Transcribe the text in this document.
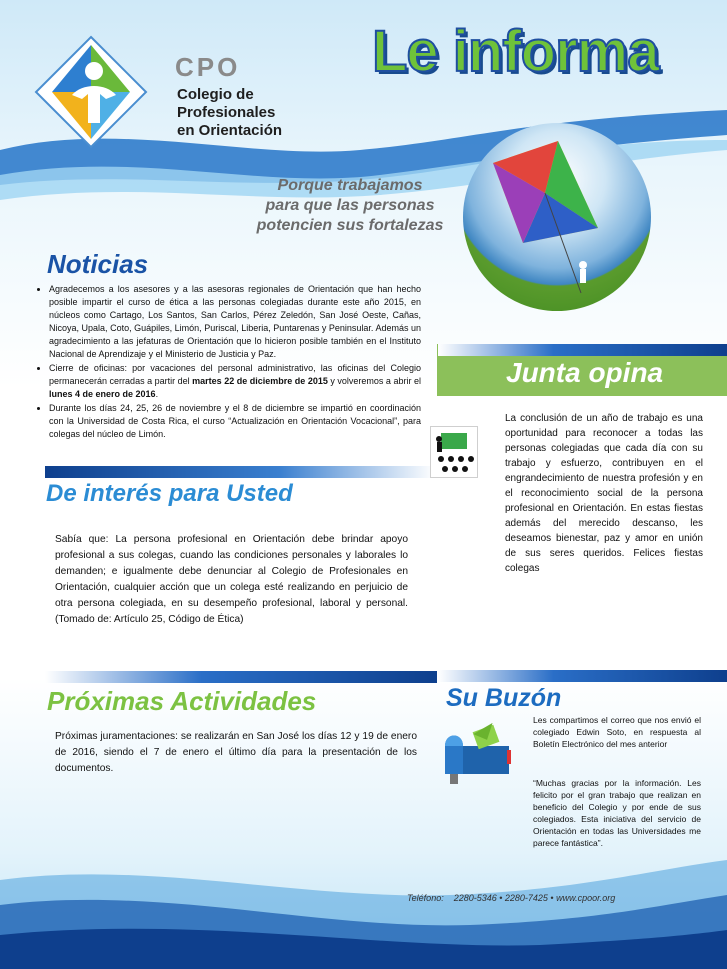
CPO
Colegio de
Profesionales
en Orientación
Le informa
Porque trabajamos
para que las personas
potencien sus fortalezas
Noticias
• Agradecemos a los asesores y a las asesoras regionales de Orientación que han hecho posible impartir el curso de ética a las personas colegiadas durante este año 2015, en núcleos como Cartago, Los Santos, San Carlos, Pérez Zeledón, San José Oeste, Cañas, Nicoya, Upala, Coto, Guápiles, Limón, Puriscal, Liberia, Puntarenas y Peninsular. Además un agradecimiento a las jefaturas de Orientación que lo hicieron posible también en el Instituto Nacional de Aprendizaje y el Ministerio de Justicia y Paz.
• Cierre de oficinas: por vacaciones del personal administrativo, las oficinas del Colegio permanecerán cerradas a partir del martes 22 de diciembre de 2015 y volveremos a abrir el lunes 4 de enero de 2016.
• Durante los días 24, 25, 26 de noviembre y el 8 de diciembre se impartió en coordinación con la Universidad de Costa Rica, el curso “Actualización en Orientación Vocacional”, para colegas del núcleo de Limón.
De interés para Usted
Sabía que: La persona profesional en Orientación debe brindar apoyo profesional a sus colegas, cuando las condiciones personales y laborales lo demanden; e igualmente debe denunciar al Colegio de Profesionales en Orientación, cualquier acción que un colega esté realizando en perjuicio de otra persona colegiada, en su desempeño profesional, laboral y personal. (Tomado de: Artículo 25, Código de Ética)
Próximas Actividades
Próximas juramentaciones: se realizarán en San José los días 12 y 19 de enero de 2016, siendo el 7 de enero el último día para la presentación de los documentos.
Junta opina
La conclusión de un año de trabajo es una oportunidad para reconocer a todas las personas colegiadas que cada día con su trabajo y esfuerzo, contribuyen en el engrandecimiento de nuestra profesión y en el reconocimiento social de la persona profesional en Orientación. En estas fiestas además del merecido descanso, les deseamos bienestar, paz y amor en unión de sus seres queridos. Felices fiestas colegas
Su Buzón
Les compartimos el correo que nos envió el colegiado Edwin Soto, en respuesta al Boletín Electrónico del mes anterior
“Muchas gracias por la información. Les felicito por el gran trabajo que realizan en beneficio del Colegio y por ende de sus colegiados. Esta iniciativa del servicio de Orientación en todas las Universidades me parece fantástica”.
Teléfono: 2280-5346 • 2280-7425 • www.cpoor.org
